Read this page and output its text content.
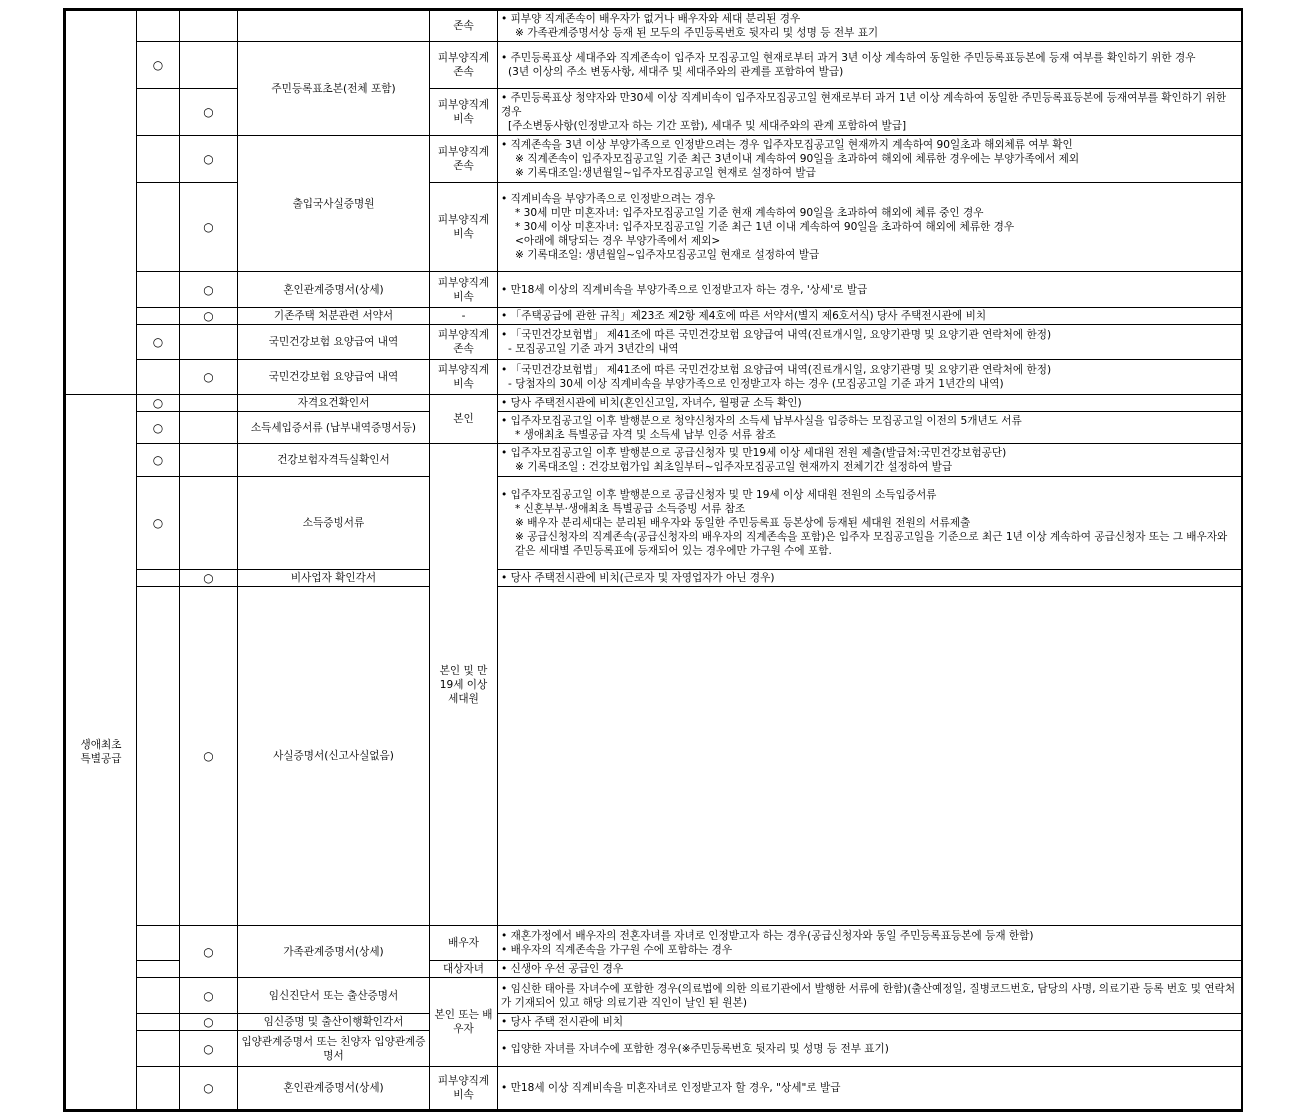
				존속	• 피부양 직계존속이 배우자가 없거나 배우자와 세대 분리된 경우
※ 가족관계증명서상 등재 된 모두의 주민등록번호 뒷자리 및 성명 등 전부 표기	

	○		주민등록표초본(전체 포함)	피부양직계 존속	• 주민등록표상 세대주와 직계존속이 입주자 모집공고일 현재로부터 과거 3년 이상 계속하여 동일한 주민등록표등본에 등재 여부를 확인하기 위한 경우
(3년 이상의 주소 변동사항, 세대주 및 세대주와의 관계를 포함하여 발급)	

		○		피부양직계 비속	• 주민등록표상 청약자와 만30세 이상 직계비속이 입주자모집공고일 현재로부터 과거 1년 이상 계속하여 동일한 주민등록표등본에 등재여부를 확인하기 위한 경우
[주소변동사항(인정받고자 하는 기간 포함), 세대주 및 세대주와의 관계 포함하여 발급]	

		○	출입국사실증명원	피부양직계 존속	• 직계존속을 3년 이상 부양가족으로 인정받으려는 경우 입주자모집공고일 현재까지 계속하여 90일초과 해외체류 여부 확인
※ 직계존속이 입주자모집공고일 기준 최근 3년이내 계속하여 90일을 초과하여 해외에 체류한 경우에는 부양가족에서 제외
※ 기록대조일:생년월일~입주자모집공고일 현재로 설정하여 발급	

		○		피부양직계 비속	• 직계비속을 부양가족으로 인정받으려는 경우
* 30세 미만 미혼자녀: 입주자모집공고일 기준 현재 계속하여 90일을 초과하여 해외에 체류 중인 경우
* 30세 이상 미혼자녀: 입주자모집공고일 기준 최근 1년 이내 계속하여 90일을 초과하여 해외에 체류한 경우
<아래에 해당되는 경우 부양가족에서 제외>
※ 기록대조일: 생년월일~입주자모집공고일 현재로 설정하여 발급	

		○	혼인관계증명서(상세)	피부양직계 비속	• 만18세 이상의 직계비속을 부양가족으로 인정받고자 하는 경우, '상세'로 발급	

		○	기존주택 처분관련 서약서	-	• 「주택공급에 관한 규칙」제23조 제2항 제4호에 따른 서약서(별지 제6호서식) 당사 주택전시관에 비치	

	○		국민건강보험 요양급여 내역	피부양직계 존속	• 「국민건강보험법」 제41조에 따른 국민건강보험 요양급여 내역(진료개시일, 요양기관명 및 요양기관 연락처에 한정)
- 모집공고일 기준 과거 3년간의 내역	

		○	국민건강보험 요양급여 내역	피부양직계 비속	• 「국민건강보험법」 제41조에 따른 국민건강보험 요양급여 내역(진료개시일, 요양기관명 및 요양기관 연락처에 한정)
- 당첨자의 30세 이상 직계비속을 부양가족으로 인정받고자 하는 경우 (모집공고일 기준 과거 1년간의 내역)	

생애최초 특별공급	○		자격요건확인서	본인	• 당사 주택전시관에 비치(혼인신고일, 자녀수, 월평균 소득 확인)	

	○		소득세입증서류 (납부내역증명서등)		• 입주자모집공고일 이후 발행분으로 청약신청자의 소득세 납부사실을 입증하는 모집공고일 이전의 5개년도 서류
* 생애최초 특별공급 자격 및 소득세 납부 인증 서류 참조	

	○		건강보험자격득실확인서	본인 및 만19세 이상 세대원	• 입주자모집공고일 이후 발행분으로 공급신청자 및 만19세 이상 세대원 전원 제출(발급처:국민건강보험공단)
※ 기록대조일 : 건강보험가입 최초일부터~입주자모집공고일 현재까지 전체기간 설정하여 발급	

	○		소득증빙서류		• 입주자모집공고일 이후 발행분으로 공급신청자 및 만 19세 이상 세대원 전원의 소득입증서류
* 신혼부부·생애최초 특별공급 소득증빙 서류 참조
※ 배우자 분리세대는 분리된 배우자와 동일한 주민등록표 등본상에 등재된 세대원 전원의 서류제출
※ 공급신청자의 직계존속(공급신청자의 배우자의 직계존속을 포함)은 입주자 모집공고일을 기준으로 최근 1년 이상 계속하여 공급신청자 또는 그 배우자와 같은 세대별 주민등록표에 등재되어 있는 경우에만 가구원 수에 포함.	

		○	비사업자 확인각서		• 당사 주택전시관에 비치(근로자 및 자영업자가 아닌 경우)	

		○	사실증명서(신고사실없음)		

		○	가족관계증명서(상세)	배우자	• 재혼가정에서 배우자의 전혼자녀를 자녀로 인정받고자 하는 경우(공급신청자와 동일 주민등록표등본에 등재 한함)
• 배우자의 직계존속을 가구원 수에 포함하는 경우	

				대상자녀	• 신생아 우선 공급인 경우	

		○	임신진단서 또는 출산증명서	본인 또는 배우자	• 임신한 태아를 자녀수에 포함한 경우(의료법에 의한 의료기관에서 발행한 서류에 한함)(출산예정일, 질병코드번호, 담당의 사명, 의료기관 등록 번호 및 연락처가 기재되어 있고 해당 의료기관 직인이 날인 된 원본)	

		○	임신증명 및 출산이행확인각서		• 당사 주택 전시관에 비치	

		○	입양관계증명서 또는 친양자 입양관계증명서		• 입양한 자녀를 자녀수에 포함한 경우(※주민등록번호 뒷자리 및 성명 등 전부 표기)	

		○	혼인관계증명서(상세)	피부양직계 비속	• 만18세 이상 직계비속을 미혼자녀로 인정받고자 할 경우, "상세"로 발급	
